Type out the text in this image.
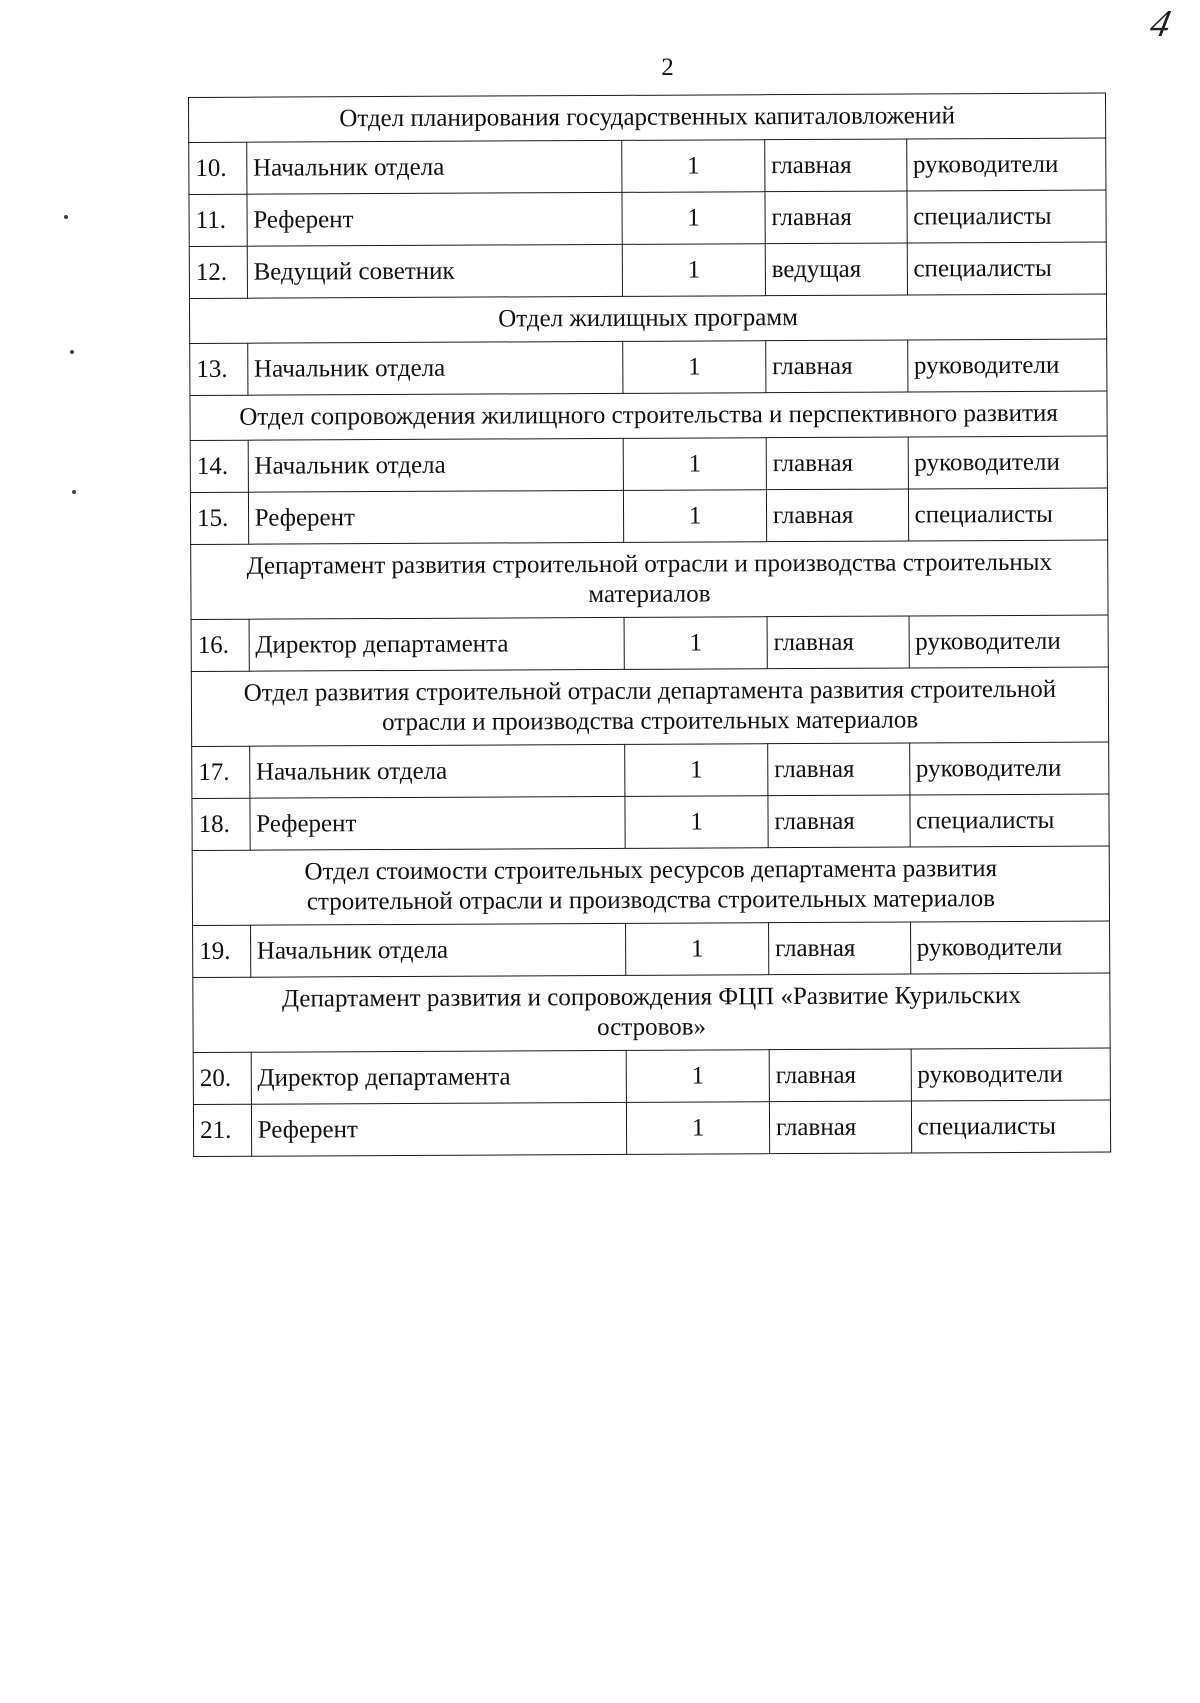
4
2
Отдел планирования государственных капиталовложений				
10.	Начальник отдела	1	главная	руководители
11.	Референт	1	главная	специалисты
12.	Ведущий советник	1	ведущая	специалисты
Отдел жилищных программ				
13.	Начальник отдела	1	главная	руководители
Отдел сопровождения жилищного строительства и перспективного развития				
14.	Начальник отдела	1	главная	руководители
15.	Референт	1	главная	специалисты
Департамент развития строительной отрасли и производства строительных материалов				
16.	Директор департамента	1	главная	руководители
Отдел развития строительной отрасли департамента развития строительной отрасли и производства строительных материалов				
17.	Начальник отдела	1	главная	руководители
18.	Референт	1	главная	специалисты
Отдел стоимости строительных ресурсов департамента развития строительной отрасли и производства строительных материалов				
19.	Начальник отдела	1	главная	руководители
Департамент развития и сопровождения ФЦП «Развитие Курильских островов»				
20.	Директор департамента	1	главная	руководители
21.	Референт	1	главная	специалисты
